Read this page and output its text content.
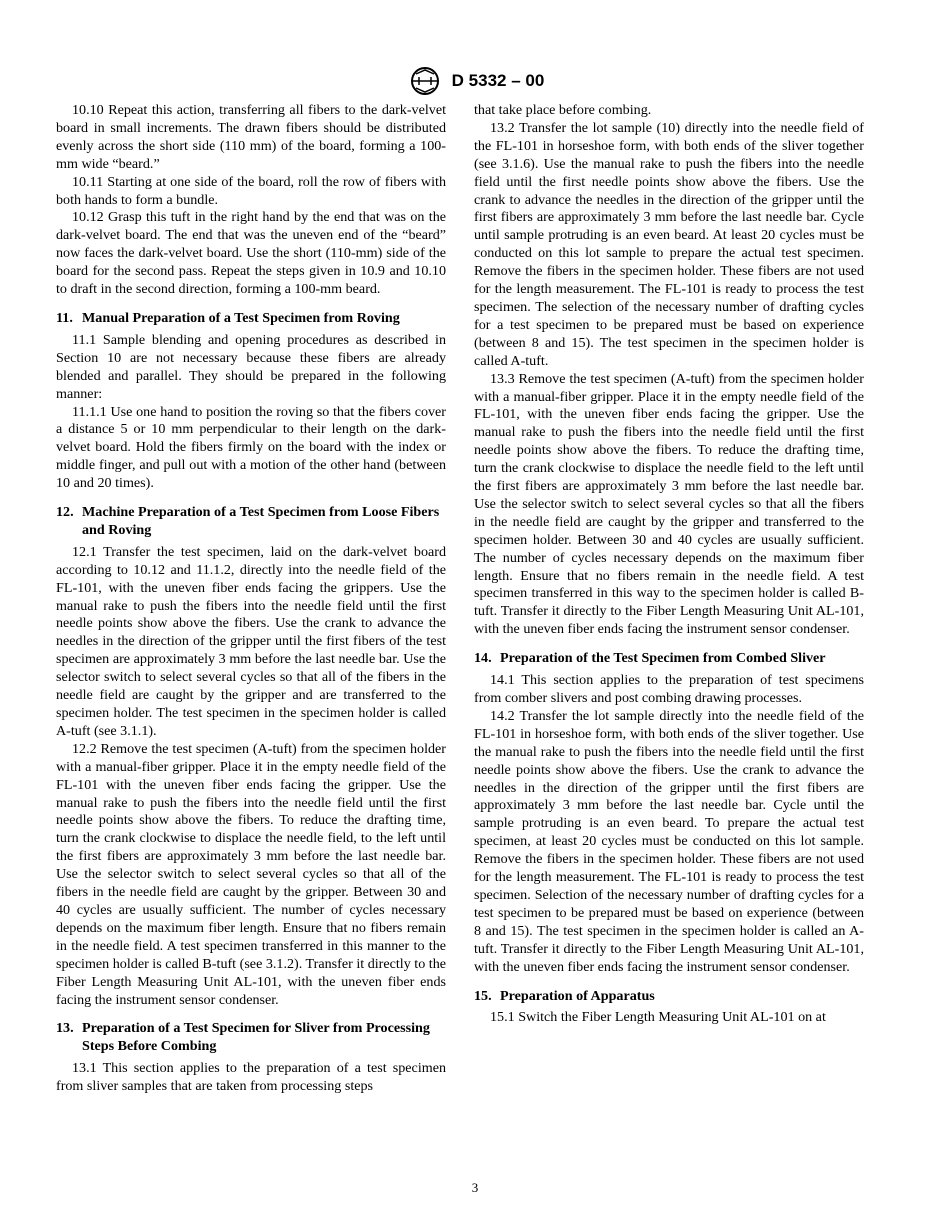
D 5332 – 00

10.10 Repeat this action, transferring all fibers to the dark-velvet board in small increments. The drawn fibers should be distributed evenly across the short side (110 mm) of the board, forming a 100-mm wide “beard.”

10.11 Starting at one side of the board, roll the row of fibers with both hands to form a bundle.

10.12 Grasp this tuft in the right hand by the end that was on the dark-velvet board. The end that was the uneven end of the “beard” now faces the dark-velvet board. Use the short (110-mm) side of the board for the second pass. Repeat the steps given in 10.9 and 10.10 to draft in the second direction, forming a 100-mm beard.

11. Manual Preparation of a Test Specimen from Roving

11.1 Sample blending and opening procedures as described in Section 10 are not necessary because these fibers are already blended and parallel. They should be prepared in the following manner:

11.1.1 Use one hand to position the roving so that the fibers cover a distance 5 or 10 mm perpendicular to their length on the dark-velvet board. Hold the fibers firmly on the board with the index or middle finger, and pull out with a motion of the other hand (between 10 and 20 times).

12. Machine Preparation of a Test Specimen from Loose Fibers and Roving

12.1 Transfer the test specimen, laid on the dark-velvet board according to 10.12 and 11.1.2, directly into the needle field of the FL-101, with the uneven fiber ends facing the grippers. Use the manual rake to push the fibers into the needle field until the first needle points show above the fibers. Use the crank to advance the needles in the direction of the gripper until the first fibers of the test specimen are approximately 3 mm before the last needle bar. Use the selector switch to select several cycles so that all of the fibers in the needle field are caught by the gripper and are transferred to the specimen holder. The test specimen in the specimen holder is called A-tuft (see 3.1.1).

12.2 Remove the test specimen (A-tuft) from the specimen holder with a manual-fiber gripper. Place it in the empty needle field of the FL-101 with the uneven fiber ends facing the gripper. Use the manual rake to push the fibers into the needle field until the first needle points show above the fibers. To reduce the drafting time, turn the crank clockwise to displace the needle field, to the left until the first fibers are approximately 3 mm before the last needle bar. Use the selector switch to select several cycles so that all of the fibers in the needle field are caught by the gripper. Between 30 and 40 cycles are usually sufficient. The number of cycles necessary depends on the maximum fiber length. Ensure that no fibers remain in the needle field. A test specimen transferred in this manner to the specimen holder is called B-tuft (see 3.1.2). Transfer it directly to the Fiber Length Measuring Unit AL-101, with the uneven fiber ends facing the instrument sensor condenser.

13. Preparation of a Test Specimen for Sliver from Processing Steps Before Combing

13.1 This section applies to the preparation of a test specimen from sliver samples that are taken from processing steps

that take place before combing.

13.2 Transfer the lot sample (10) directly into the needle field of the FL-101 in horseshoe form, with both ends of the sliver together (see 3.1.6). Use the manual rake to push the fibers into the needle field until the first needle points show above the fibers. Use the crank to advance the needles in the direction of the gripper until the first fibers are approximately 3 mm before the last needle bar. Cycle until sample protruding is an even beard. At least 20 cycles must be conducted on this lot sample to prepare the actual test specimen. Remove the fibers in the specimen holder. These fibers are not used for the length measurement. The FL-101 is ready to process the test specimen. The selection of the necessary number of drafting cycles for a test specimen to be prepared must be based on experience (between 8 and 15). The test specimen in the specimen holder is called A-tuft.

13.3 Remove the test specimen (A-tuft) from the specimen holder with a manual-fiber gripper. Place it in the empty needle field of the FL-101, with the uneven fiber ends facing the gripper. Use the manual rake to push the fibers into the needle field until the first needle points show above the fibers. To reduce the drafting time, turn the crank clockwise to displace the needle field to the left until the first fibers are approximately 3 mm before the last needle bar. Use the selector switch to select several cycles so that all the fibers in the needle field are caught by the gripper and transferred to the specimen holder. Between 30 and 40 cycles are usually sufficient. The number of cycles necessary depends on the maximum fiber length. Ensure that no fibers remain in the needle field. A test specimen transferred in this way to the specimen holder is called B-tuft. Transfer it directly to the Fiber Length Measuring Unit AL-101, with the uneven fiber ends facing the instrument sensor condenser.

14. Preparation of the Test Specimen from Combed Sliver

14.1 This section applies to the preparation of test specimens from comber slivers and post combing drawing processes.

14.2 Transfer the lot sample directly into the needle field of the FL-101 in horseshoe form, with both ends of the sliver together. Use the manual rake to push the fibers into the needle field until the first needle points show above the fibers. Use the crank to advance the needles in the direction of the gripper until the first fibers are approximately 3 mm before the last needle bar. Cycle until the sample protruding is an even beard. To prepare the actual test specimen, at least 20 cycles must be conducted on this lot sample. Remove the fibers in the specimen holder. These fibers are not used for the length measurement. The FL-101 is ready to process the test specimen. Selection of the necessary number of drafting cycles for a test specimen to be prepared must be based on experience (between 8 and 15). The test specimen in the specimen holder is called an A-tuft. Transfer it directly to the Fiber Length Measuring Unit AL-101, with the uneven fiber ends facing the instrument sensor condenser.

15. Preparation of Apparatus

15.1 Switch the Fiber Length Measuring Unit AL-101 on at

3
